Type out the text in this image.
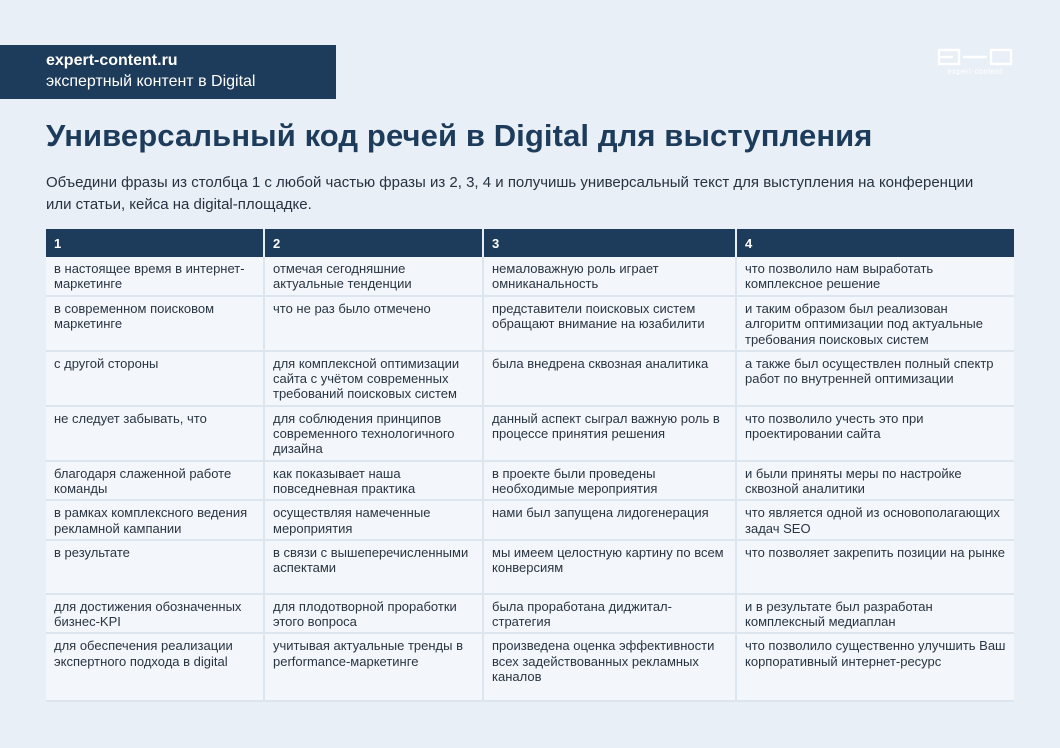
expert-content.ru
экспертный контент в Digital
expert-content
Универсальный код речей в Digital для выступления
Объедини фразы из столбца 1 с любой частью фразы из 2, 3, 4 и получишь универсальный текст для выступления на конференции или статьи, кейса на digital-площадке.
1	2	3	4
в настоящее время в интернет-маркетинге	отмечая сегодняшние актуальные тенденции	немаловажную роль играет омниканальность	что позволило нам выработать комплексное решение
в современном поисковом маркетинге	что не раз было отмечено	представители поисковых систем обращают внимание на юзабилити	и таким образом был реализован алгоритм оптимизации под актуальные требования поисковых систем
с другой стороны	для комплексной оптимизации сайта с учётом современных требований поисковых систем	была внедрена сквозная аналитика	а также был осуществлен полный спектр работ по внутренней оптимизации
не следует забывать, что	для соблюдения принципов современного технологичного дизайна	данный аспект сыграл важную роль в процессе принятия решения	что позволило учесть это при проектировании сайта
благодаря слаженной работе команды	как показывает наша повседневная практика	в проекте были проведены необходимые мероприятия	и были приняты меры по настройке сквозной аналитики
в рамках комплексного ведения рекламной кампании	осуществляя намеченные мероприятия	нами был запущена лидогенерация	что является одной из основополагающих задач SEO
в результате	в связи с вышеперечисленными аспектами	мы имеем целостную картину по всем конверсиям	что позволяет закрепить позиции на рынке
для достижения обозначенных бизнес-KPI	для плодотворной проработки этого вопроса	была проработана диджитал-стратегия	и в результате был разработан комплексный медиаплан
для обеспечения реализации экспертного подхода в digital	учитывая актуальные тренды в performance-маркетинге	произведена оценка эффективности всех задействованных рекламных каналов	что позволило существенно улучшить Ваш корпоративный интернет-ресурс
